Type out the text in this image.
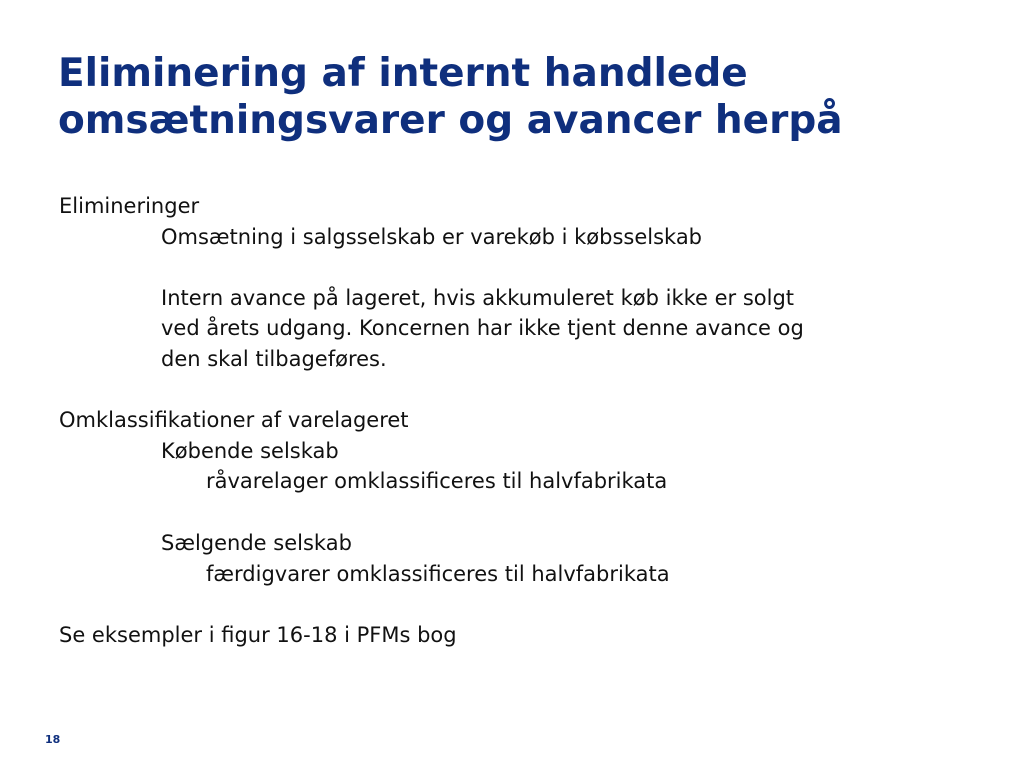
Eliminering af internt handlede
omsætningsvarer og avancer herpå

Elimineringer

Omsætning i salgsselskab er varekøb i købsselskab

Intern avance på lageret, hvis akkumuleret køb ikke er solgt

ved årets udgang. Koncernen har ikke tjent denne avance og

den skal tilbageføres.

Omklassifikationer af varelageret

Købende selskab

råvarelager omklassificeres til halvfabrikata

Sælgende selskab

færdigvarer omklassificeres til halvfabrikata

Se eksempler i figur 16-18 i PFMs bog

18
